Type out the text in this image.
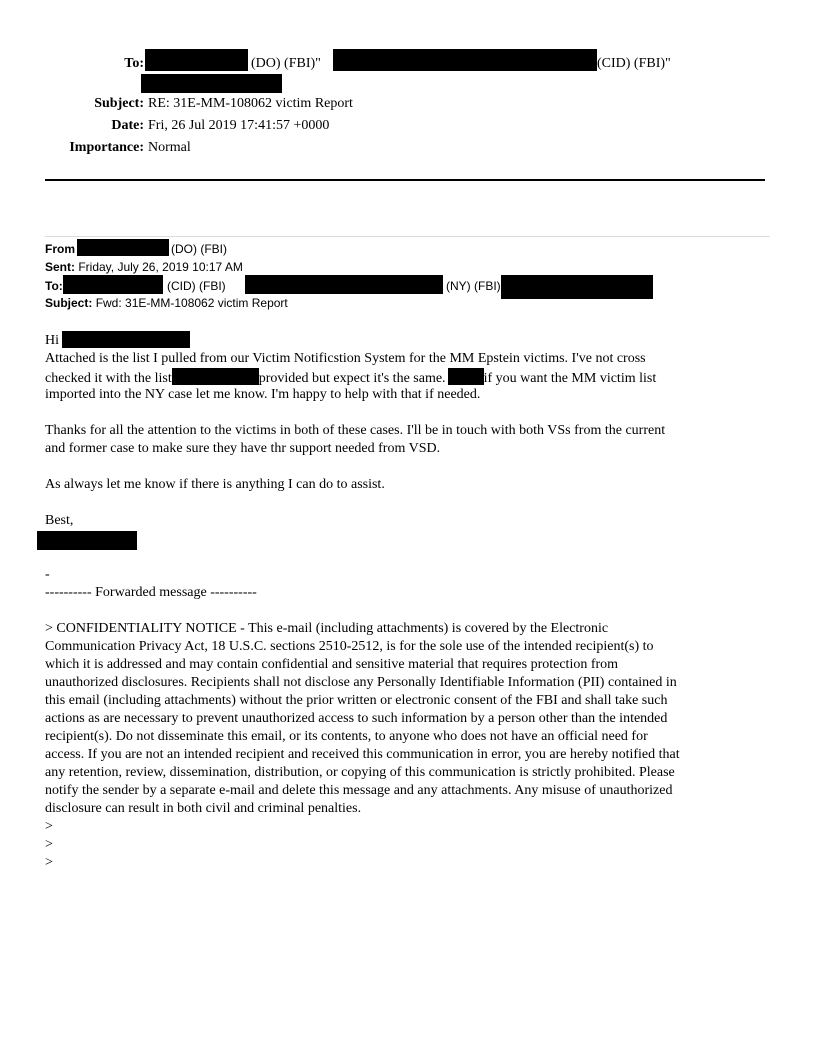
To:	(DO) (FBI)"	(CID) (FBI)"
Subject: RE: 31E-MM-108062 victim Report
Date: Fri, 26 Jul 2019 17:41:57 +0000
Importance: Normal
From	(DO) (FBI)
Sent: Friday, July 26, 2019 10:17 AM
To:	(CID) (FBI)	(NY) (FBI)
Subject: Fwd: 31E-MM-108062 victim Report
Hi
Attached is the list I pulled from our Victim Notificstion System for the MM Epstein victims. I've not cross
checked it with the list	provided but expect it's the same.	if you want the MM victim list
imported into the NY case let me know. I'm happy to help with that if needed.
Thanks for all the attention to the victims in both of these cases. I'll be in touch with both VSs from the current
and former case to make sure they have thr support needed from VSD.
As always let me know if there is anything I can do to assist.
Best,
-
---------- Forwarded message ----------
> CONFIDENTIALITY NOTICE - This e-mail (including attachments) is covered by the Electronic
Communication Privacy Act, 18 U.S.C. sections 2510-2512, is for the sole use of the intended recipient(s) to
which it is addressed and may contain confidential and sensitive material that requires protection from
unauthorized disclosures. Recipients shall not disclose any Personally Identifiable Information (PII) contained in
this email (including attachments) without the prior written or electronic consent of the FBI and shall take such
actions as are necessary to prevent unauthorized access to such information by a person other than the intended
recipient(s). Do not disseminate this email, or its contents, to anyone who does not have an official need for
access. If you are not an intended recipient and received this communication in error, you are hereby notified that
any retention, review, dissemination, distribution, or copying of this communication is strictly prohibited. Please
notify the sender by a separate e-mail and delete this message and any attachments. Any misuse of unauthorized
disclosure can result in both civil and criminal penalties.
>
>
>
